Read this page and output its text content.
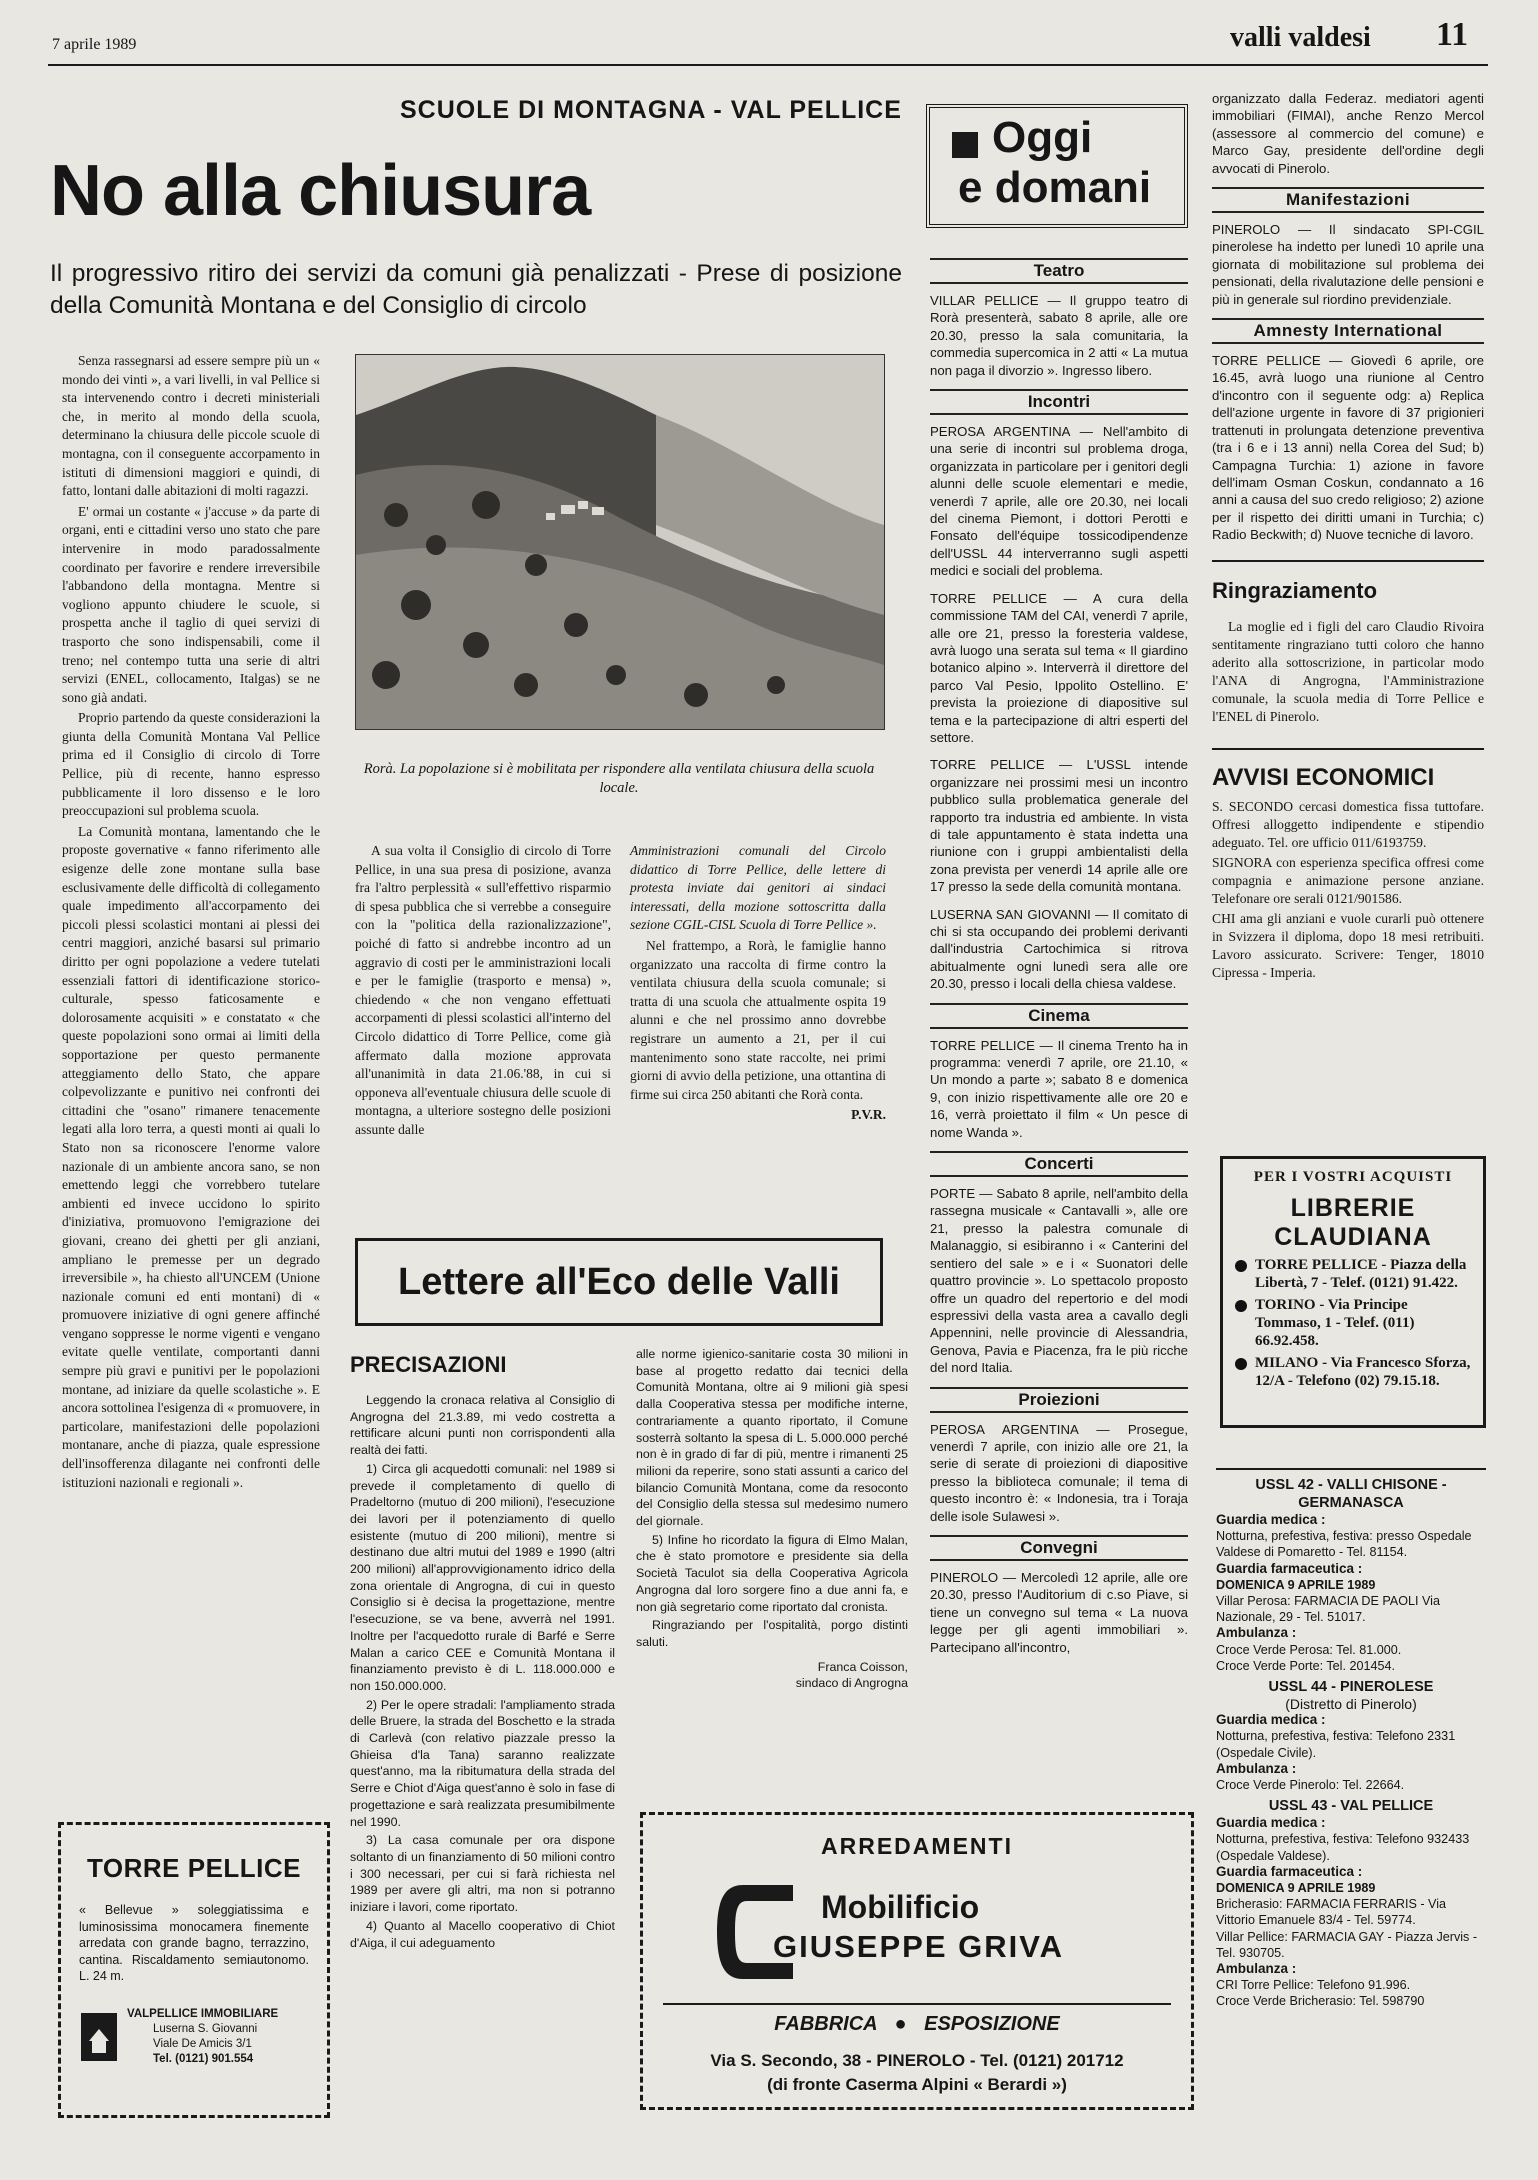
7 aprile 1989	valli valdesi 11
SCUOLE DI MONTAGNA - VAL PELLICE
No alla chiusura
Il progressivo ritiro dei servizi da comuni già penalizzati - Prese di posizione della Comunità Montana e del Consiglio di circolo

Senza rassegnarsi ad essere sempre più un « mondo dei vinti », a vari livelli, in val Pellice si sta intervenendo contro i decreti ministeriali che, in merito al mondo della scuola, determinano la chiusura delle piccole scuole di montagna, con il conseguente accorpamento in istituti di dimensioni maggiori e quindi, di fatto, lontani dalle abitazioni di molti ragazzi.

E' ormai un costante « j'accuse » da parte di organi, enti e cittadini verso uno stato che pare intervenire in modo paradossalmente coordinato per favorire e rendere irreversibile l'abbandono della montagna. Mentre si vogliono appunto chiudere le scuole, si prospetta anche il taglio di quei servizi di trasporto che sono indispensabili, come il treno; nel contempo tutta una serie di altri servizi (ENEL, collocamento, Italgas) se ne sono già andati.

Proprio partendo da queste considerazioni la giunta della Comunità Montana Val Pellice prima ed il Consiglio di circolo di Torre Pellice, più di recente, hanno espresso pubblicamente il loro dissenso e le loro preoccupazioni sul problema scuola.

La Comunità montana, lamentando che le proposte governative « fanno riferimento alle esigenze delle zone montane sulla base esclusivamente delle difficoltà di collegamento quale impedimento all'accorpamento dei piccoli plessi scolastici montani ai plessi dei centri maggiori, anziché basarsi sul primario diritto per ogni popolazione a vedere tutelati essenziali fattori di identificazione storico-culturale, spesso faticosamente e dolorosamente acquisiti » e constatato « che queste popolazioni sono ormai ai limiti della sopportazione per questo permanente atteggiamento dello Stato, che appare colpevolizzante e punitivo nei confronti dei cittadini che "osano" rimanere tenacemente legati alla loro terra, a questi monti ai quali lo Stato non sa riconoscere l'enorme valore nazionale di un ambiente ancora sano, se non emettendo leggi che vorrebbero tutelare ambienti ed invece uccidono lo spirito d'iniziativa, promuovono l'emigrazione dei giovani, creano dei ghetti per gli anziani, ampliano le premesse per un degrado irreversibile », ha chiesto all'UNCEM (Unione nazionale comuni ed enti montani) di « promuovere iniziative di ogni genere affinché vengano soppresse le norme vigenti e vengano evitate quelle ventilate, comportanti danni sempre più gravi e punitivi per le popolazioni montane, ad iniziare da quelle scolastiche ». E ancora sottolinea l'esigenza di « promuovere, in particolare, manifestazioni delle popolazioni montanare, anche di piazza, quale espressione dell'insofferenza dilagante nei confronti delle istituzioni nazionali e regionali ».

Rorà. La popolazione si è mobilitata per rispondere alla ventilata chiusura della scuola locale.

A sua volta il Consiglio di circolo di Torre Pellice, in una sua presa di posizione, avanza fra l'altro perplessità « sull'effettivo risparmio di spesa pubblica che si verrebbe a conseguire con la "politica della razionalizzazione", poiché di fatto si andrebbe incontro ad un aggravio di costi per le amministrazioni locali e per le famiglie (trasporto e mensa) », chiedendo « che non vengano effettuati accorpamenti di plessi scolastici all'interno del Circolo didattico di Torre Pellice, come già affermato dalla mozione approvata all'unanimità in data 21.06.'88, in cui si opponeva all'eventuale chiusura delle scuole di montagna, a ulteriore sostegno delle posizioni assunte dalle

Amministrazioni comunali del Circolo didattico di Torre Pellice, delle lettere di protesta inviate dai genitori ai sindaci interessati, della mozione sottoscritta dalla sezione CGIL-CISL Scuola di Torre Pellice ».

Nel frattempo, a Rorà, le famiglie hanno organizzato una raccolta di firme contro la ventilata chiusura della scuola comunale; si tratta di una scuola che attualmente ospita 19 alunni e che nel prossimo anno dovrebbe registrare un aumento a 21, per il cui mantenimento sono state raccolte, nei primi giorni di avvio della petizione, una ottantina di firme sui circa 250 abitanti che Rorà conta.

P.V.R.
TORRE PELLICE
« Bellevue » soleggiatissima e luminosissima monocamera finemente arredata con grande bagno, terrazzino, cantina. Riscaldamento semiautonomo. L. 24 m.
VALPELLICE IMMOBILIARE
Luserna S. Giovanni
Viale De Amicis 3/1
Tel. (0121) 901.554
Lettere all'Eco delle Valli
PRECISAZIONI

Leggendo la cronaca relativa al Consiglio di Angrogna del 21.3.89, mi vedo costretta a rettificare alcuni punti non corrispondenti alla realtà dei fatti.

1) Circa gli acquedotti comunali: nel 1989 si prevede il completamento di quello di Pradeltorno (mutuo di 200 milioni), l'esecuzione dei lavori per il potenziamento di quello esistente (mutuo di 200 milioni), mentre si destinano due altri mutui del 1989 e 1990 (altri 200 milioni) all'approvvigionamento idrico della zona orientale di Angrogna, di cui in questo Consiglio si è decisa la progettazione, mentre l'esecuzione, se va bene, avverrà nel 1991. Inoltre per l'acquedotto rurale di Barfé e Serre Malan a carico CEE e Comunità Montana il finanziamento previsto è di L. 118.000.000 e non 150.000.000.

2) Per le opere stradali: l'ampliamento strada delle Bruere, la strada del Boschetto e la strada di Carlevà (con relativo piazzale presso la Ghieisa d'la Tana) saranno realizzate quest'anno, ma la ribitumatura della strada del Serre e Chiot d'Aiga quest'anno è solo in fase di progettazione e sarà realizzata presumibilmente nel 1990.

3) La casa comunale per ora dispone soltanto di un finanziamento di 50 milioni contro i 300 necessari, per cui si farà richiesta nel 1989 per avere gli altri, ma non si potranno iniziare i lavori, come riportato.

4) Quanto al Macello cooperativo di Chiot d'Aiga, il cui adeguamento

alle norme igienico-sanitarie costa 30 milioni in base al progetto redatto dai tecnici della Comunità Montana, oltre ai 9 milioni già spesi dalla Cooperativa stessa per modifiche interne, contrariamente a quanto riportato, il Comune sosterrà soltanto la spesa di L. 5.000.000 perché non è in grado di far di più, mentre i rimanenti 25 milioni da reperire, sono stati assunti a carico del bilancio Comunità Montana, come da resoconto del Consiglio della stessa sul medesimo numero del giornale.

5) Infine ho ricordato la figura di Elmo Malan, che è stato promotore e presidente sia della Società Taculot sia della Cooperativa Agricola Angrogna dal loro sorgere fino a due anni fa, e non già segretario come riportato dal cronista.

Ringraziando per l'ospitalità, porgo distinti saluti.

Franca Coisson,
sindaco di Angrogna
ARREDAMENTI
Mobilificio
GIUSEPPE GRIVA
FABBRICA ● ESPOSIZIONE
Via S. Secondo, 38 - PINEROLO - Tel. (0121) 201712
(di fronte Caserma Alpini « Berardi »)
Oggi
e domani
Teatro
VILLAR PELLICE — Il gruppo teatro di Rorà presenterà, sabato 8 aprile, alle ore 20.30, presso la sala comunitaria, la commedia supercomica in 2 atti « La mutua non paga il divorzio ». Ingresso libero.
Incontri
PEROSA ARGENTINA — Nell'ambito di una serie di incontri sul problema droga, organizzata in particolare per i genitori degli alunni delle scuole elementari e medie, venerdì 7 aprile, alle ore 20.30, nei locali del cinema Piemont, i dottori Perotti e Fonsato dell'équipe tossicodipendenze dell'USSL 44 interverranno sugli aspetti medici e sociali del problema.
TORRE PELLICE — A cura della commissione TAM del CAI, venerdì 7 aprile, alle ore 21, presso la foresteria valdese, avrà luogo una serata sul tema « Il giardino botanico alpino ». Interverrà il direttore del parco Val Pesio, Ippolito Ostellino. E' prevista la proiezione di diapositive sul tema e la partecipazione di altri esperti del settore.
TORRE PELLICE — L'USSL intende organizzare nei prossimi mesi un incontro pubblico sulla problematica generale del rapporto tra industria ed ambiente. In vista di tale appuntamento è stata indetta una riunione con i gruppi ambientalisti della zona prevista per venerdì 14 aprile alle ore 17 presso la sede della comunità montana.
LUSERNA SAN GIOVANNI — Il comitato di chi si sta occupando dei problemi derivanti dall'industria Cartochimica si ritrova abitualmente ogni lunedì sera alle ore 20.30, presso i locali della chiesa valdese.
Cinema
TORRE PELLICE — Il cinema Trento ha in programma: venerdì 7 aprile, ore 21.10, « Un mondo a parte »; sabato 8 e domenica 9, con inizio rispettivamente alle ore 20 e 16, verrà proiettato il film « Un pesce di nome Wanda ».
Concerti
PORTE — Sabato 8 aprile, nell'ambito della rassegna musicale « Cantavalli », alle ore 21, presso la palestra comunale di Malanaggio, si esibiranno i « Canterini del sentiero del sale » e i « Suonatori delle quattro provincie ». Lo spettacolo proposto offre un quadro del repertorio e del modi espressivi della vasta area a cavallo degli Appennini, nelle provincie di Alessandria, Genova, Pavia e Piacenza, fra le più ricche del nord Italia.
Proiezioni
PEROSA ARGENTINA — Prosegue, venerdì 7 aprile, con inizio alle ore 21, la serie di serate di proiezioni di diapositive presso la biblioteca comunale; il tema di questo incontro è: « Indonesia, tra i Toraja delle isole Sulawesi ».
Convegni
PINEROLO — Mercoledì 12 aprile, alle ore 20.30, presso l'Auditorium di c.so Piave, si tiene un convegno sul tema « La nuova legge per gli agenti immobiliari ». Partecipano all'incontro,
organizzato dalla Federaz. mediatori agenti immobiliari (FIMAI), anche Renzo Mercol (assessore al commercio del comune) e Marco Gay, presidente dell'ordine degli avvocati di Pinerolo.
Manifestazioni
PINEROLO — Il sindacato SPI-CGIL pinerolese ha indetto per lunedì 10 aprile una giornata di mobilitazione sul problema dei pensionati, della rivalutazione delle pensioni e più in generale sul riordino previdenziale.
Amnesty International
TORRE PELLICE — Giovedì 6 aprile, ore 16.45, avrà luogo una riunione al Centro d'incontro con il seguente odg: a) Replica dell'azione urgente in favore di 37 prigionieri trattenuti in prolungata detenzione preventiva (tra i 6 e i 13 anni) nella Corea del Sud; b) Campagna Turchia: 1) azione in favore dell'imam Osman Coskun, condannato a 16 anni a causa del suo credo religioso; 2) azione per il rispetto dei diritti umani in Turchia; c) Radio Beckwith; d) Nuove tecniche di lavoro.
Ringraziamento
La moglie ed i figli del caro Claudio Rivoira sentitamente ringraziano tutti coloro che hanno aderito alla sottoscrizione, in particolar modo l'ANA di Angrogna, l'Amministrazione comunale, la scuola media di Torre Pellice e l'ENEL di Pinerolo.
AVVISI ECONOMICI

S. SECONDO cercasi domestica fissa tuttofare. Offresi alloggetto indipendente e stipendio adeguato. Tel. ore ufficio 011/6193759.

SIGNORA con esperienza specifica offresi come compagnia e animazione persone anziane. Telefonare ore serali 0121/901586.

CHI ama gli anziani e vuole curarli può ottenere in Svizzera il diploma, dopo 18 mesi retribuiti. Lavoro assicurato. Scrivere: Tenger, 18010 Cipressa - Imperia.

PER I VOSTRI ACQUISTI
LIBRERIE
CLAUDIANA
TORRE PELLICE - Piazza della Libertà, 7 - Telef. (0121) 91.422.
TORINO - Via Principe Tommaso, 1 - Telef. (011) 66.92.458.
MILANO - Via Francesco Sforza, 12/A - Telefono (02) 79.15.18.
USSL 42 - VALLI CHISONE - GERMANASCA
Guardia medica :
Notturna, prefestiva, festiva: presso Ospedale Valdese di Pomaretto - Tel. 81154.
Guardia farmaceutica :
DOMENICA 9 APRILE 1989
Villar Perosa: FARMACIA DE PAOLI Via Nazionale, 29 - Tel. 51017.
Ambulanza :
Croce Verde Perosa: Tel. 81.000.
Croce Verde Porte: Tel. 201454.
USSL 44 - PINEROLESE
(Distretto di Pinerolo)
Guardia medica :
Notturna, prefestiva, festiva: Telefono 2331 (Ospedale Civile).
Ambulanza :
Croce Verde Pinerolo: Tel. 22664.
USSL 43 - VAL PELLICE
Guardia medica :
Notturna, prefestiva, festiva: Telefono 932433 (Ospedale Valdese).
Guardia farmaceutica :
DOMENICA 9 APRILE 1989
Bricherasio: FARMACIA FERRARIS - Via Vittorio Emanuele 83/4 - Tel. 59774.
Villar Pellice: FARMACIA GAY - Piazza Jervis - Tel. 930705.
Ambulanza :
CRI Torre Pellice: Telefono 91.996.
Croce Verde Bricherasio: Tel. 598790
